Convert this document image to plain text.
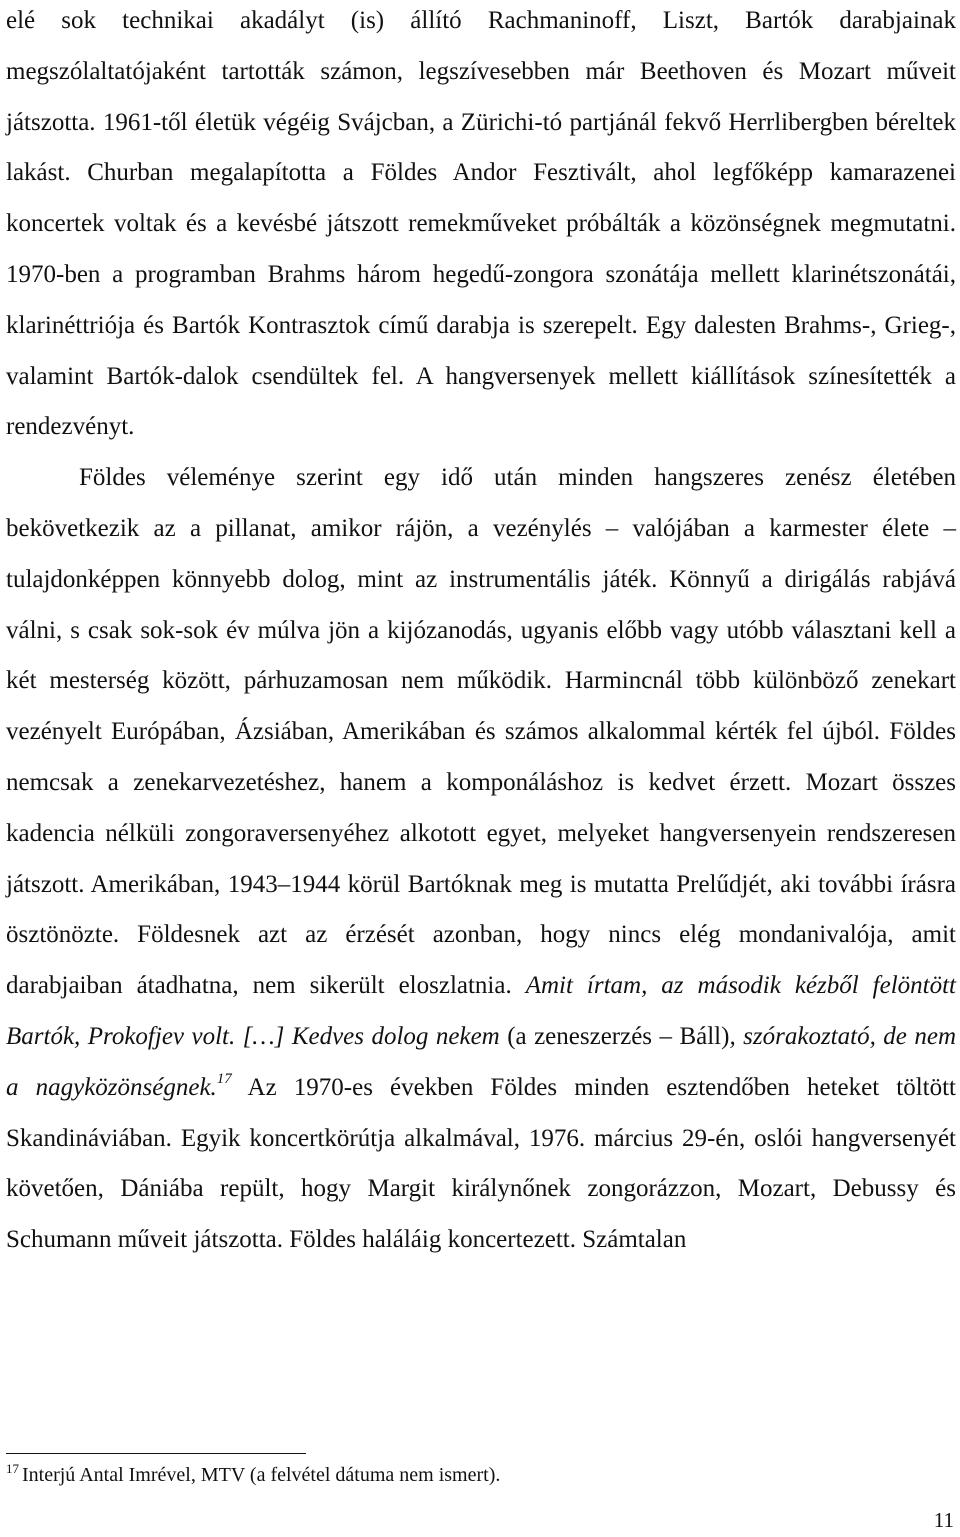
elé sok technikai akadályt (is) állító Rachmaninoff, Liszt, Bartók darabjainak megszólaltatójaként tartották számon, legszívesebben már Beethoven és Mozart műveit játszotta. 1961-től életük végéig Svájcban, a Zürichi-tó partjánál fekvő Herrlibergben béreltek lakást. Churban megalapította a Földes Andor Fesztivált, ahol legfőképp kamarazenei koncertek voltak és a kevésbé játszott remekműveket próbálták a közönségnek megmutatni. 1970-ben a programban Brahms három hegedű-zongora szonátája mellett klarinétszonátái, klarinéttriója és Bartók Kontrasztok című darabja is szerepelt. Egy dalesten Brahms-, Grieg-, valamint Bartók-dalok csendültek fel. A hangversenyek mellett kiállítások színesítették a rendezvényt.

Földes véleménye szerint egy idő után minden hangszeres zenész életében bekövetkezik az a pillanat, amikor rájön, a vezénylés – valójában a karmester élete –tulajdonképpen könnyebb dolog, mint az instrumentális játék. Könnyű a dirigálás rabjává válni, s csak sok-sok év múlva jön a kijózanodás, ugyanis előbb vagy utóbb választani kell a két mesterség között, párhuzamosan nem működik. Harmincnál több különböző zenekart vezényelt Európában, Ázsiában, Amerikában és számos alkalommal kérték fel újból. Földes nemcsak a zenekarvezetéshez, hanem a komponáláshoz is kedvet érzett. Mozart összes kadencia nélküli zongoraversenyéhez alkotott egyet, melyeket hangversenyein rendszeresen játszott. Amerikában, 1943–1944 körül Bartóknak meg is mutatta Prelűdjét, aki további írásra ösztönözte. Földesnek azt az érzését azonban, hogy nincs elég mondanivalója, amit darabjaiban átadhatna, nem sikerült eloszlatnia. Amit írtam, az második kézből felöntött Bartók, Prokofjev volt. […] Kedves dolog nekem (a zeneszerzés – Báll), szórakoztató, de nem a nagyközönségnek.$^{17}$ Az 1970-es években Földes minden esztendőben heteket töltött Skandináviában. Egyik koncertkörútja alkalmával, 1976. március 29-én, oslói hangversenyét követően, Dániába repült, hogy Margit királynőnek zongorázzon, Mozart, Debussy és Schumann műveit játszotta. Földes haláláig koncertezett. Számtalan

$^{17}$ Interjú Antal Imrével, MTV (a felvétel dátuma nem ismert).
11
